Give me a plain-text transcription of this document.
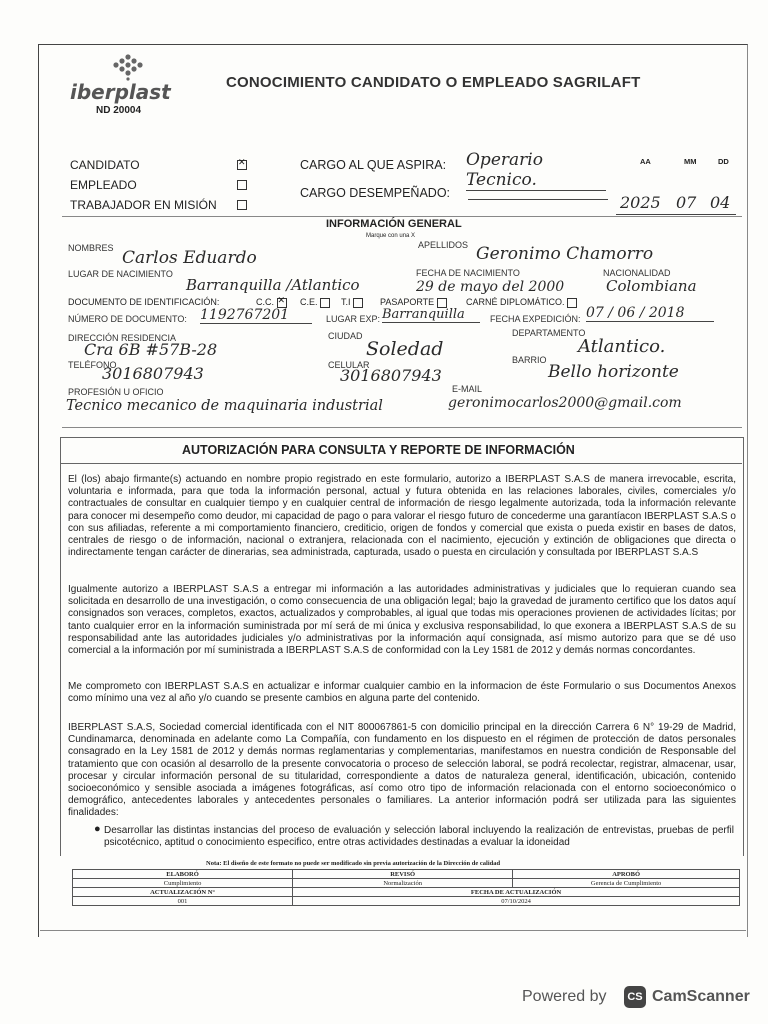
iberplast
ND 20004
CONOCIMIENTO CANDIDATO O EMPLEADO SAGRILAFT
CANDIDATO
✕
EMPLEADO
TRABAJADOR EN MISIÓN
CARGO AL QUE ASPIRA: Operario Tecnico.
CARGO DESEMPEÑADO:
AA	MM	DD
2025 07 04
INFORMACIÓN GENERAL
Marque con una X
NOMBRES Carlos Eduardo
APELLIDOS Geronimo Chamorro
LUGAR DE NACIMIENTO
Barranquilla /Atlantico
FECHA DE NACIMIENTO
29 de mayo del 2000
NACIONALIDAD
Colombiana
DOCUMENTO DE IDENTIFICACIÓN:	C.C. ✕	C.E.	T.I	PASAPORTE	CARNÉ DIPLOMÁTICO.
NÚMERO DE DOCUMENTO: 1192767201	LUGAR EXP: Barranquilla	FECHA EXPEDICIÓN: 07 / 06 / 2018
DIRECCIÓN RESIDENCIA
Cra 6B #57B-28
CIUDAD
Soledad
DEPARTAMENTO
Atlantico.
TELÉFONO
3016807943	CELULAR
3016807943
BARRIO
Bello horizonte
PROFESIÓN U OFICIO
Tecnico mecanico de maquinaria industrial
E-MAIL
geronimocarlos2000@gmail.com
AUTORIZACIÓN PARA CONSULTA Y REPORTE DE INFORMACIÓN
El (los) abajo firmante(s) actuando en nombre propio registrado en este formulario, autorizo a IBERPLAST S.A.S de manera irrevocable, escrita, voluntaria e informada, para que toda la información personal, actual y futura obtenida en las relaciones laborales, civiles, comerciales y/o contractuales de consultar en cualquier tiempo y en cualquier central de información de riesgo legalmente autorizada, toda la información relevante para conocer mi desempeño como deudor, mi capacidad de pago o para valorar el riesgo futuro de concederme una garantíacon IBERPLAST S.A.S o con sus afiliadas, referente a mi comportamiento financiero, crediticio, origen de fondos y comercial que exista o pueda existir en bases de datos, centrales de riesgo o de información, nacional o extranjera, relacionada con el nacimiento, ejecución y extinción de obligaciones que directa o indirectamente tengan carácter de dinerarias, sea administrada, capturada, usado o puesta en circulación y consultada por IBERPLAST S.A.S
Igualmente autorizo a IBERPLAST S.A.S a entregar mi información a las autoridades administrativas y judiciales que lo requieran cuando sea solicitada en desarrollo de una investigación, o como consecuencia de una obligación legal; bajo la gravedad de juramento certifico que los datos aquí consignados son veraces, completos, exactos, actualizados y comprobables, al igual que todas mis operaciones provienen de actividades lícitas; por tanto cualquier error en la información suministrada por mí será de mi única y exclusiva responsabilidad, lo que exonera a IBERPLAST S.A.S de su responsabilidad ante las autoridades judiciales y/o administrativas por la información aquí consignada, así mismo autorizo para que se dé uso comercial a la información por mí suministrada a IBERPLAST S.A.S de conformidad con la Ley 1581 de 2012 y demás normas concordantes.
Me comprometo con IBERPLAST S.A.S en actualizar e informar cualquier cambio en la informacion de éste Formulario o sus Documentos Anexos como mínimo una vez al año y/o cuando se presente cambios en alguna parte del contenido.
IBERPLAST S.A.S, Sociedad comercial identificada con el NIT 800067861-5 con domicilio principal en la dirección Carrera 6 N° 19-29 de Madrid, Cundinamarca, denominada en adelante como La Compañía, con fundamento en los dispuesto en el régimen de protección de datos personales consagrado en la Ley 1581 de 2012 y demás normas reglamentarias y complementarias, manifestamos en nuestra condición de Responsable del tratamiento que con ocasión al desarrollo de la presente convocatoria o proceso de selección laboral, se podrá recolectar, registrar, almacenar, usar, procesar y circular información personal de su titularidad, correspondiente a datos de naturaleza general, identificación, ubicación, contenido socioeconómico y sensible asociada a imágenes fotográficas, así como otro tipo de información relacionada con el entorno socioeconómico o demográfico, antecedentes laborales y antecedentes personales o familiares. La anterior información podrá ser utilizada para las siguientes finalidades:
● Desarrollar las distintas instancias del proceso de evaluación y selección laboral incluyendo la realización de entrevistas, pruebas de perfil psicotécnico, aptitud o conocimiento especifico, entre otras actividades destinadas a evaluar la idoneidad
Nota: El diseño de este formato no puede ser modificado sin previa autorización de la Dirección de calidad
ELABORÓ	REVISÓ	APROBÓ
Cumplimiento	Normalización	Gerencia de Cumplimiento
ACTUALIZACIÓN N°	FECHA DE ACTUALIZACIÓN	
001	07/10/2024	
Powered by	CS CamScanner
